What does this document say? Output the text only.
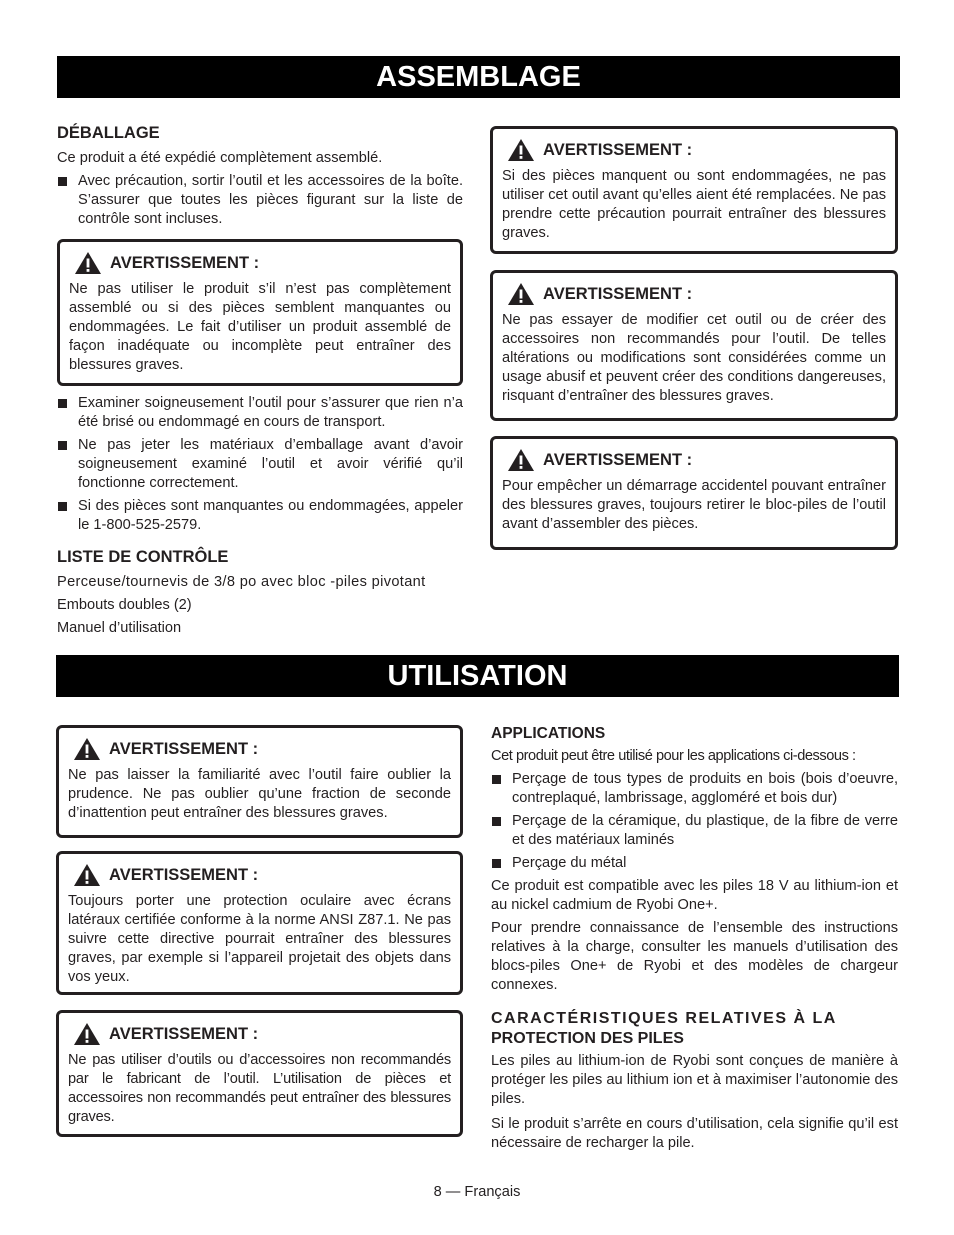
ASSEMBLAGE
UTILISATION
DÉBALLAGE

Ce produit a été expédié complètement assemblé.

Avec précaution, sortir l’outil et les accessoires de la boîte. S’assurer que toutes les pièces figurant sur la liste de contrôle sont incluses.
AVERTISSEMENT :
Ne pas utiliser le produit s’il n’est pas complètement assemblé ou si des pièces semblent manquantes ou endommagées. Le fait d’utiliser un produit assemblé de façon inadéquate ou incomplète peut entraîner des blessures graves.
Examiner soigneusement l’outil pour s’assurer que rien n’a été brisé ou endommagé en cours de transport.
Ne pas jeter les matériaux d’emballage avant d’avoir soigneusement examiné l’outil et avoir vérifié qu’il fonctionne correctement.
Si des pièces sont manquantes ou endommagées, appeler le 1-800-525-2579.
LISTE DE CONTRÔLE
Perceuse/tournevis de 3/8 po avec bloc -piles pivotant
Embouts doubles (2)
Manuel d’utilisation
AVERTISSEMENT :
Si des pièces manquent ou sont endommagées, ne pas utiliser cet outil avant qu’elles aient été remplacées. Ne pas prendre cette précaution pourrait entraîner des blessures graves.
AVERTISSEMENT :
Ne pas essayer de modifier cet outil ou de créer des accessoires non recommandés pour l’outil. De telles altérations ou modifications sont considérées comme un usage abusif et peuvent créer des conditions dangereuses, risquant d’entraîner des blessures graves.
AVERTISSEMENT :
Pour empêcher un démarrage accidentel pouvant entraîner des blessures graves, toujours retirer le bloc-piles de l’outil avant d’assembler des pièces.
AVERTISSEMENT :
Ne pas laisser la familiarité avec l’outil faire oublier la prudence. Ne pas oublier qu’une fraction de seconde d’inattention peut entraîner des blessures graves.
AVERTISSEMENT :
Toujours porter une protection oculaire avec écrans latéraux certifiée conforme à la norme ANSI Z87.1. Ne pas suivre cette directive pourrait entraîner des blessures graves, par exemple si l’appareil projetait des objets dans vos yeux.
AVERTISSEMENT :
Ne pas utiliser d’outils ou d’accessoires non recommandés par le fabricant de l’outil. L’utilisation de pièces et accessoires non recommandés peut entraîner des blessures graves.
APPLICATIONS

Cet produit peut être utilisé pour les applications ci-dessous :

Perçage de tous types de produits en bois (bois d’oeuvre, contreplaqué, lambrissage, aggloméré et bois dur)
Perçage de la céramique, du plastique, de la fibre de verre et des matériaux laminés
Perçage du métal

Ce produit est compatible avec les piles 18 V au lithium-ion et au nickel cadmium de Ryobi One+.

Pour prendre connaissance de l’ensemble des instructions relatives à la charge, consulter les manuels d’utilisation des blocs-piles One+ de Ryobi et des modèles de chargeur connexes.

CARACTÉRISTIQUES RELATIVES À LA
PROTECTION DES PILES

Les piles au lithium-ion de Ryobi sont conçues de manière à protéger les piles au lithium ion et à maximiser l’autonomie des piles.

Si le produit s’arrête en cours d’utilisation, cela signifie qu’il est nécessaire de recharger la pile.

8 — Français
